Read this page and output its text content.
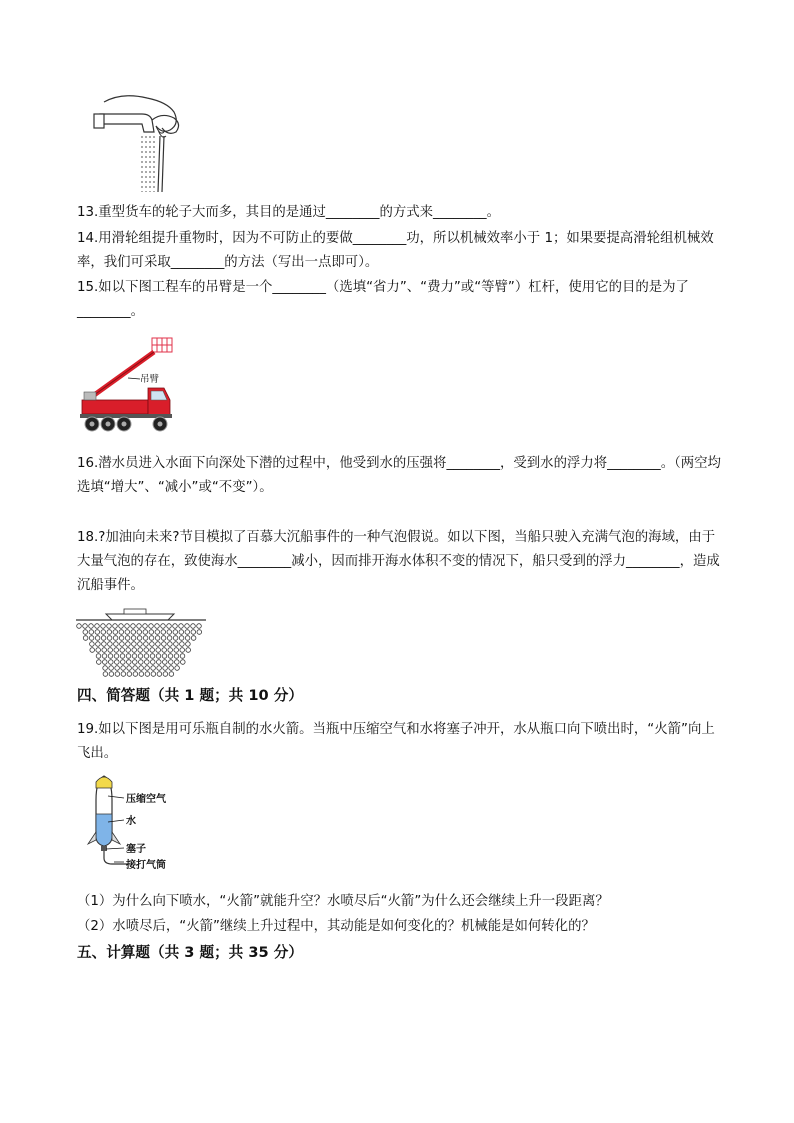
13.重型货车的轮子大而多，其目的是通过________的方式来________。
14.用滑轮组提升重物时，因为不可防止的要做________功，所以机械效率小于 1；如果要提高滑轮组机械效率，我们可采取________的方法（写出一点即可）。
15.如以下图工程车的吊臂是一个________（选填“省力”、“费力”或“等臂”）杠杆，使用它的目的是为了________。
吊臂
16.潜水员进入水面下向深处下潜的过程中，他受到水的压强将________，受到水的浮力将________。（两空均选填“增大”、“减小”或“不变”）。
18.?加油向未来?节目模拟了百慕大沉船事件的一种气泡假说。如以下图，当船只驶入充满气泡的海域，由于大量气泡的存在，致使海水________减小，因而排开海水体积不变的情况下，船只受到的浮力________，造成沉船事件。
四、简答题（共 1 题；共 10 分）
19.如以下图是用可乐瓶自制的水火箭。当瓶中压缩空气和水将塞子冲开，水从瓶口向下喷出时，“火箭”向上飞出。
压缩空气
水
塞子
接打气筒
（1）为什么向下喷水，“火箭”就能升空？水喷尽后“火箭”为什么还会继续上升一段距离？
（2）水喷尽后，“火箭”继续上升过程中，其动能是如何变化的？机械能是如何转化的？
五、计算题（共 3 题；共 35 分）
